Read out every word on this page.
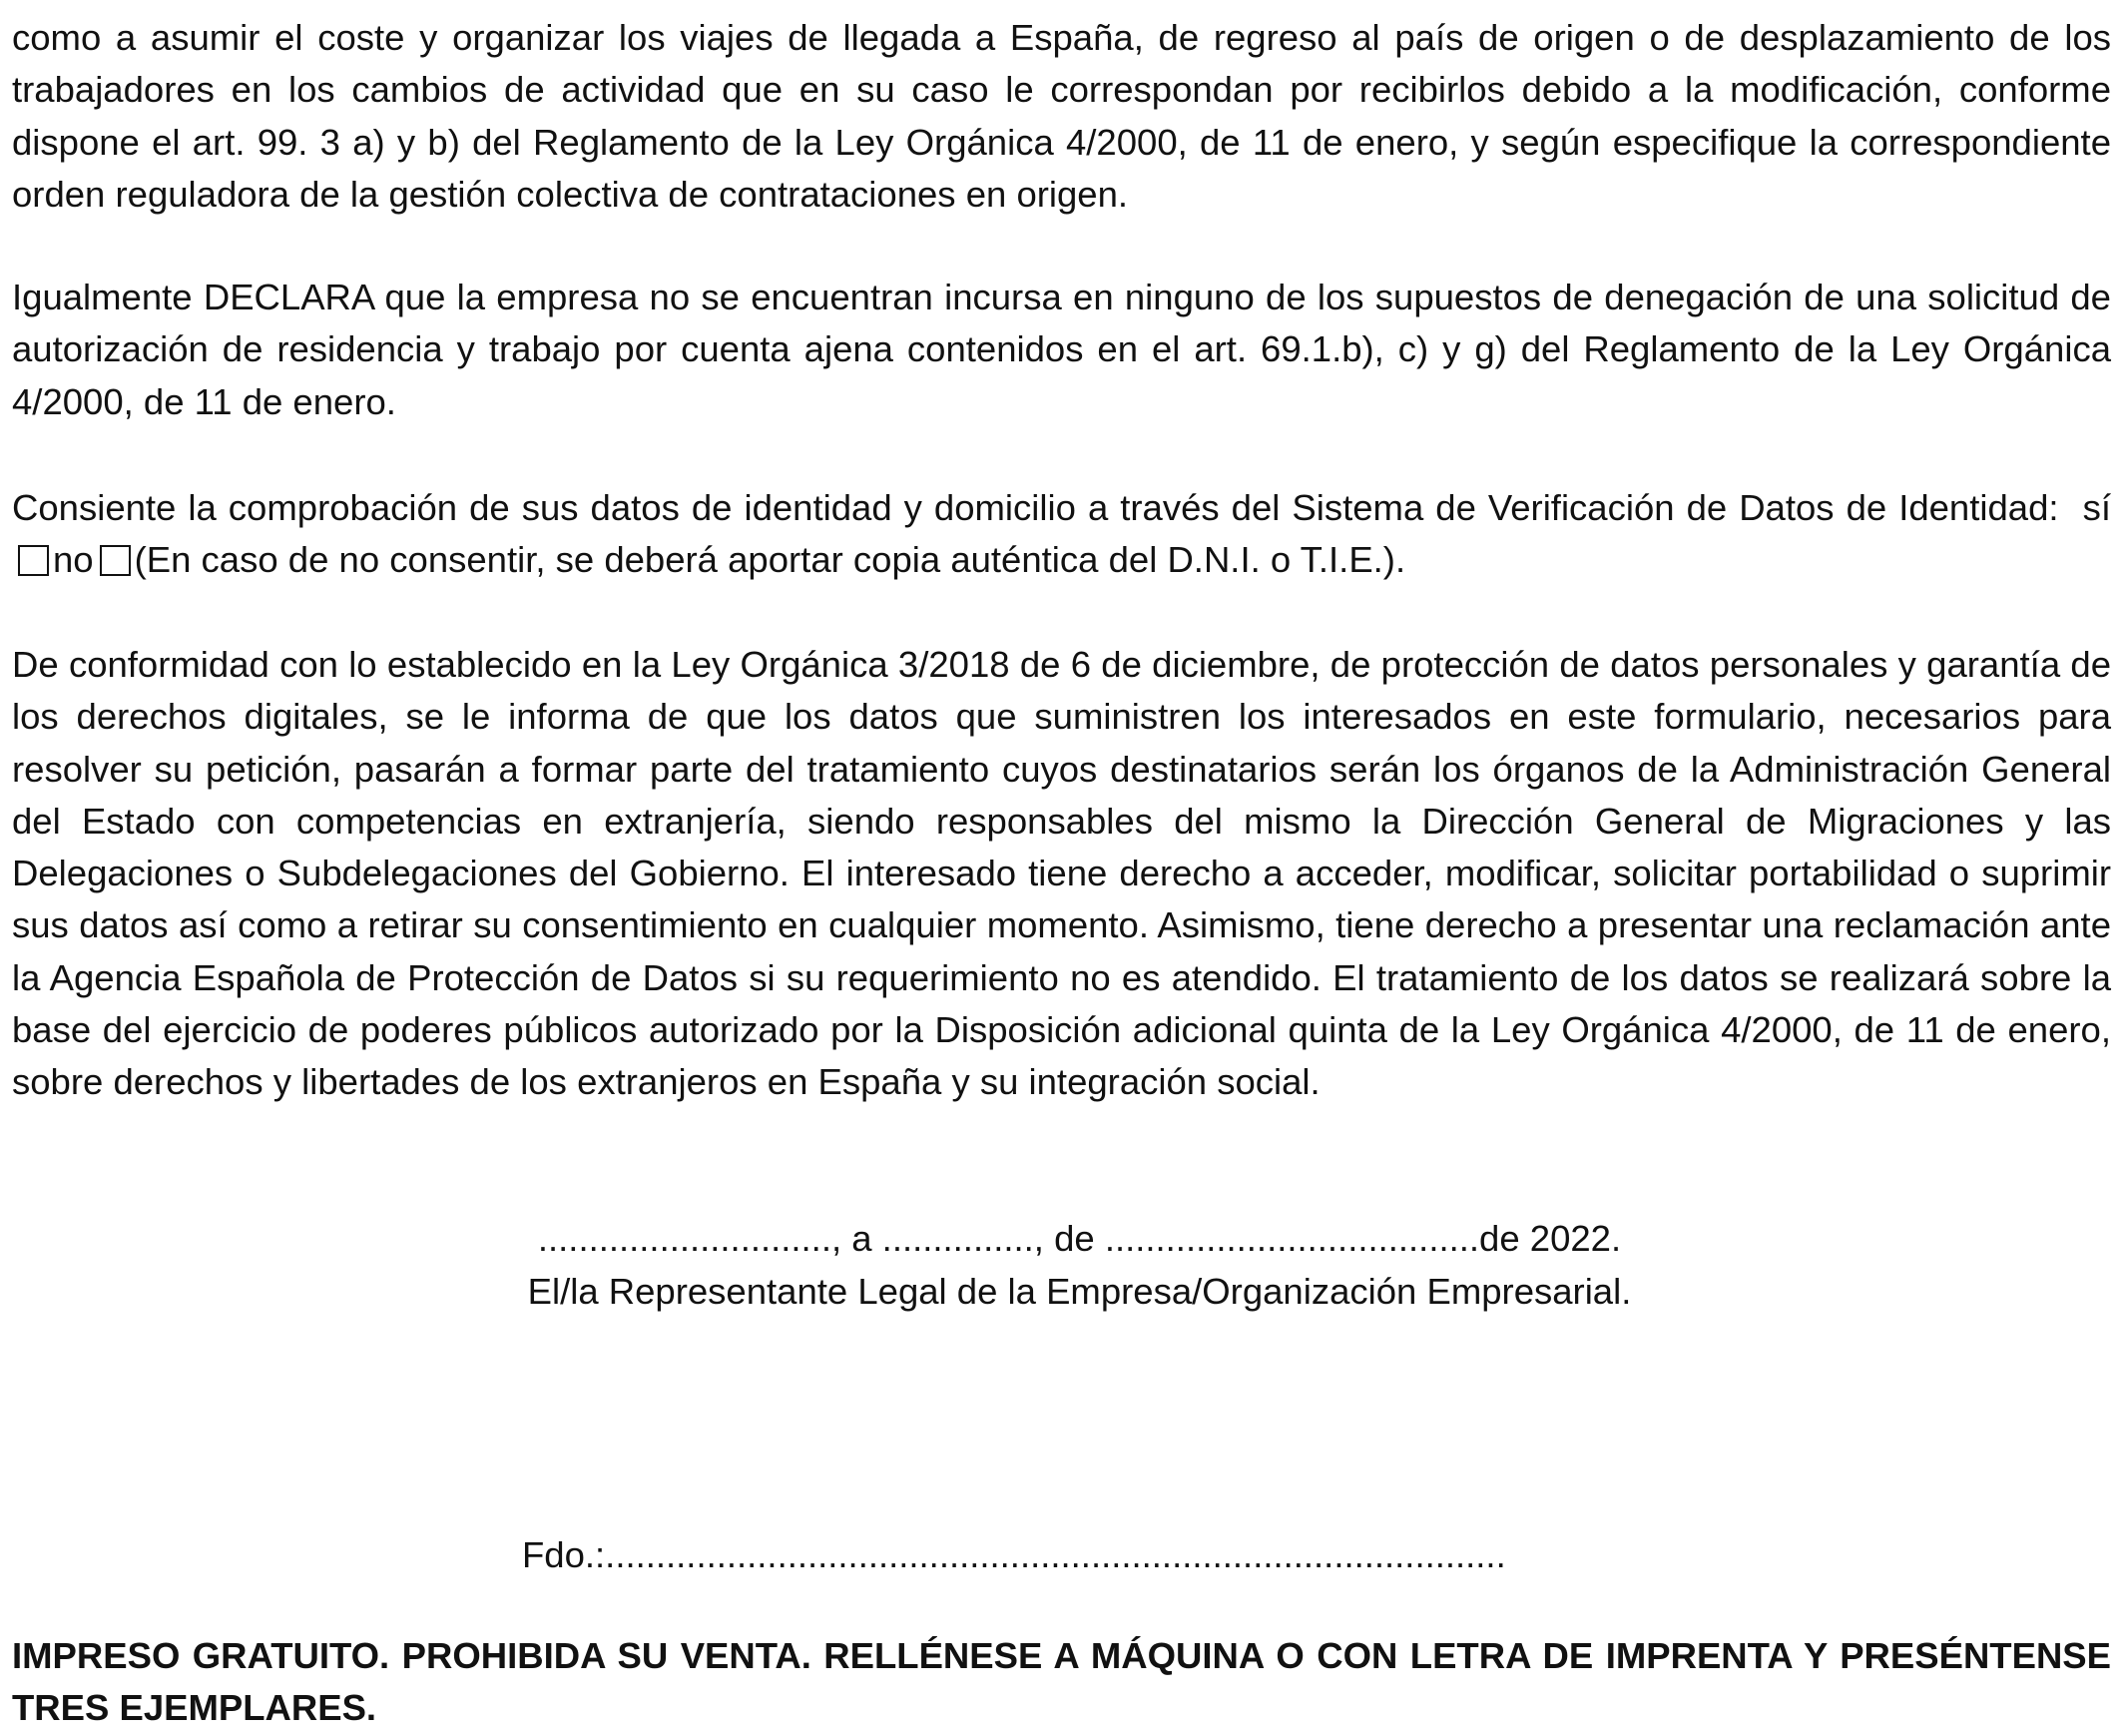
como a asumir el coste y organizar los viajes de llegada a España, de regreso al país de origen o de desplazamiento de los trabajadores en los cambios de actividad que en su caso le correspondan por recibirlos debido a la modificación, conforme dispone el art. 99. 3 a) y b) del Reglamento de la Ley Orgánica 4/2000, de 11 de enero, y según especifique la correspondiente orden reguladora de la gestión colectiva de contrataciones en origen.

Igualmente DECLARA que la empresa no se encuentran incursa en ninguno de los supuestos de denegación de una solicitud de autorización de residencia y trabajo por cuenta ajena contenidos en el art. 69.1.b), c) y g) del Reglamento de la Ley Orgánica 4/2000, de 11 de enero.

Consiente la comprobación de sus datos de identidad y domicilio a través del Sistema de Verificación de Datos de Identidad: síno (En caso de no consentir, se deberá aportar copia auténtica del D.N.I. o T.I.E.).

De conformidad con lo establecido en la Ley Orgánica 3/2018 de 6 de diciembre, de protección de datos personales y garantía de los derechos digitales, se le informa de que los datos que suministren los interesados en este formulario, necesarios para resolver su petición, pasarán a formar parte del tratamiento cuyos destinatarios serán los órganos de la Administración General del Estado con competencias en extranjería, siendo responsables del mismo la Dirección General de Migraciones y las Delegaciones o Subdelegaciones del Gobierno. El interesado tiene derecho a acceder, modificar, solicitar portabilidad o suprimir sus datos así como a retirar su consentimiento en cualquier momento. Asimismo, tiene derecho a presentar una reclamación ante la Agencia Española de Protección de Datos si su requerimiento no es atendido. El tratamiento de los datos se realizará sobre la base del ejercicio de poderes públicos autorizado por la Disposición adicional quinta de la Ley Orgánica 4/2000, de 11 de enero, sobre derechos y libertades de los extranjeros en España y su integración social.

............................., a ..............., de .....................................de 2022.

El/la Representante Legal de la Empresa/Organización Empresarial.

Fdo.:.........................................................................................

IMPRESO GRATUITO. PROHIBIDA SU VENTA. RELLÉNESE A MÁQUINA O CON LETRA DE IMPRENTA Y PRESÉNTENSE TRES EJEMPLARES.
